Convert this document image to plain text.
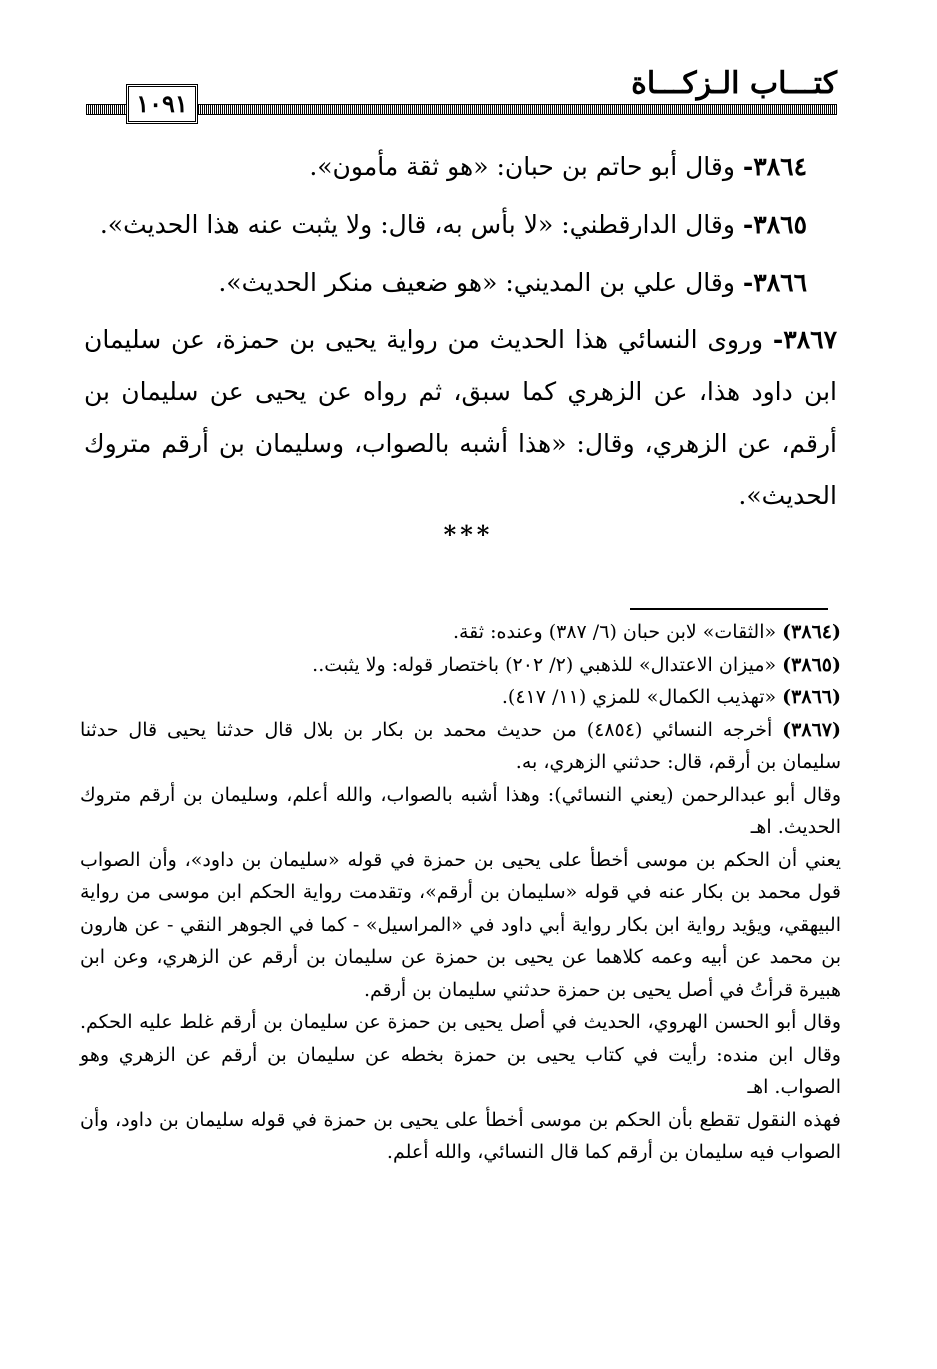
كتـــاب الـزكـــاة
١٠٩١

٣٨٦٤- وقال أبو حاتم بن حبان: «هو ثقة مأمون».

٣٨٦٥- وقال الدارقطني: «لا بأس به، قال: ولا يثبت عنه هذا الحديث».

٣٨٦٦- وقال علي بن المديني: «هو ضعيف منكر الحديث».

٣٨٦٧- وروى النسائي هذا الحديث من رواية يحيى بن حمزة، عن سليمان ابن داود هذا، عن الزهري كما سبق، ثم رواه عن يحيى عن سليمان بن أرقم، عن الزهري، وقال: «هذا أشبه بالصواب، وسليمان بن أرقم متروك الحديث».

***

(٣٨٦٤) «الثقات» لابن حبان (٦/ ٣٨٧) وعنده: ثقة.

(٣٨٦٥) «ميزان الاعتدال» للذهبي (٢/ ٢٠٢) باختصار قوله: ولا يثبت..

(٣٨٦٦) «تهذيب الكمال» للمزي (١١/ ٤١٧).

(٣٨٦٧) أخرجه النسائي (٤٨٥٤) من حديث محمد بن بكار بن بلال قال حدثنا يحيى قال حدثنا سليمان بن أرقم، قال: حدثني الزهري، به.

وقال أبو عبدالرحمن (يعني النسائي): وهذا أشبه بالصواب، والله أعلم، وسليمان بن أرقم متروك الحديث. اهـ

يعني أن الحكم بن موسى أخطأ على يحيى بن حمزة في قوله «سليمان بن داود»، وأن الصواب قول محمد بن بكار عنه في قوله «سليمان بن أرقم»، وتقدمت رواية الحكم ابن موسى من رواية البيهقي، ويؤيد رواية ابن بكار رواية أبي داود في «المراسيل» - كما في الجوهر النقي - عن هارون بن محمد عن أبيه وعمه كلاهما عن يحيى بن حمزة عن سليمان بن أرقم عن الزهري، وعن ابن هبيرة قرأتُ في أصل يحيى بن حمزة حدثني سليمان بن أرقم.

وقال أبو الحسن الهروي، الحديث في أصل يحيى بن حمزة عن سليمان بن أرقم غلط عليه الحكم. وقال ابن منده: رأيت في كتاب يحيى بن حمزة بخطه عن سليمان بن أرقم عن الزهري وهو الصواب. اهـ

فهذه النقول تقطع بأن الحكم بن موسى أخطأ على يحيى بن حمزة في قوله سليمان بن داود، وأن الصواب فيه سليمان بن أرقم كما قال النسائي، والله أعلم.
